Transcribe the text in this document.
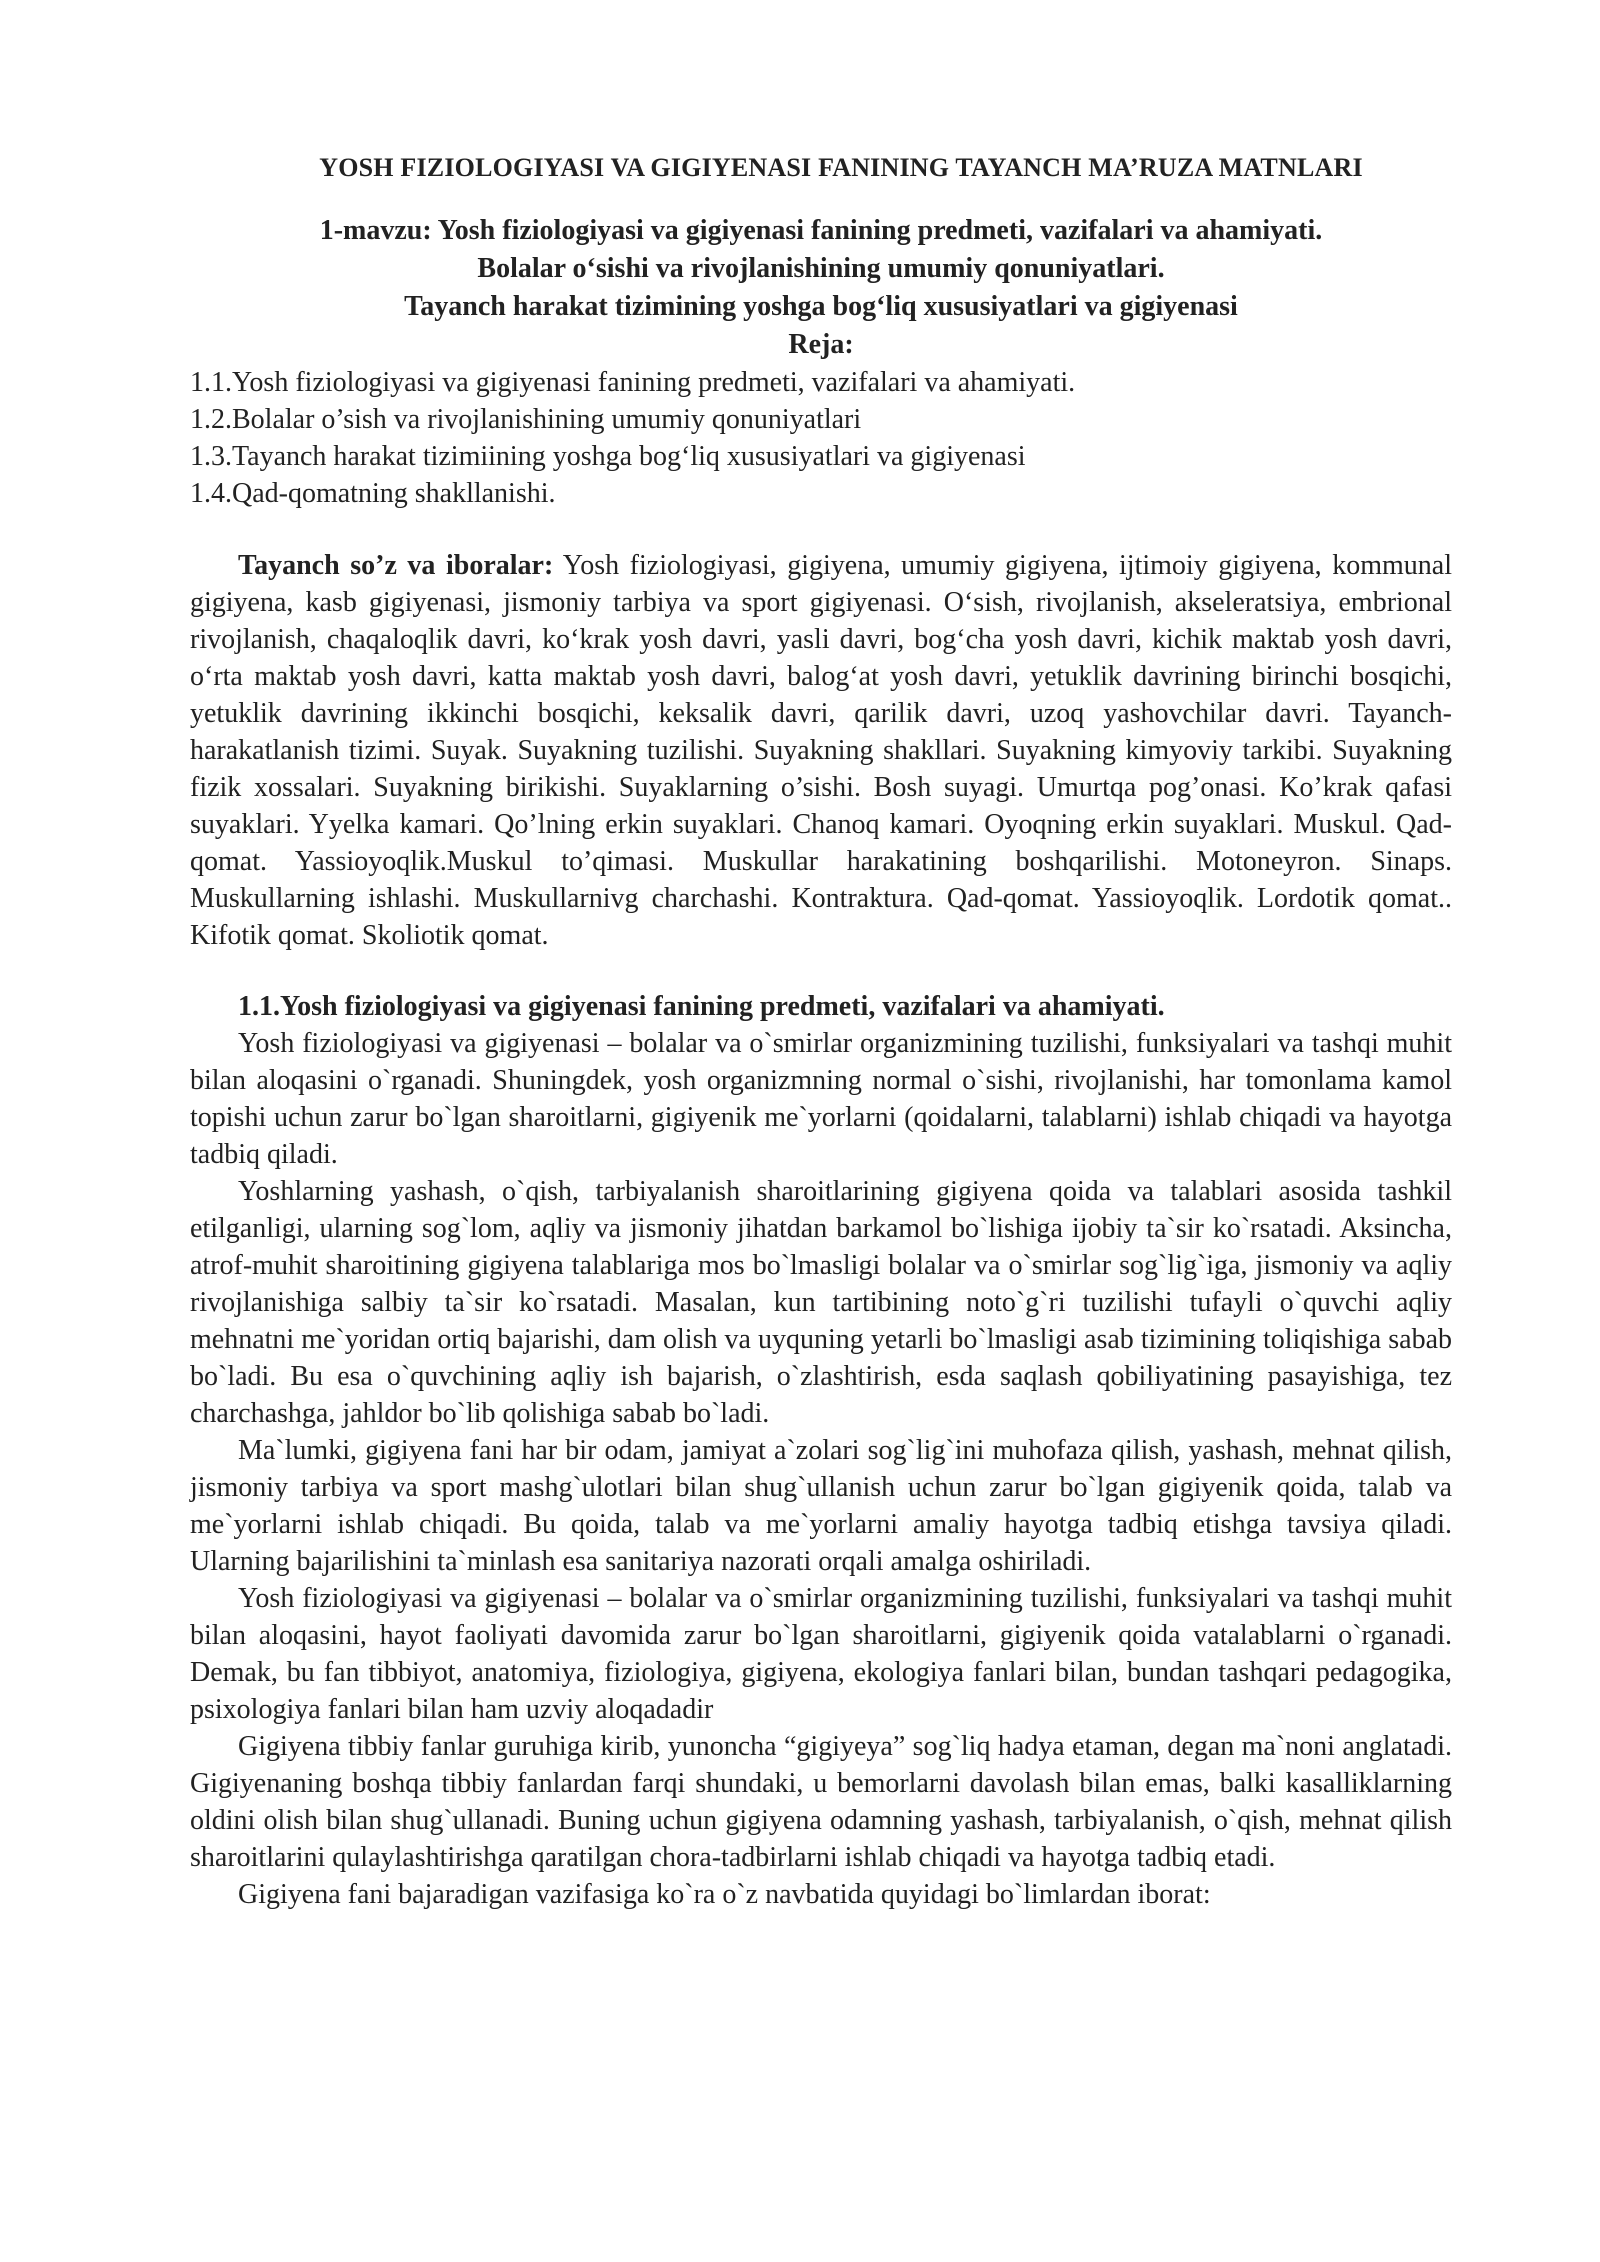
YOSH FIZIOLOGIYASI VA GIGIYENASI FANINING TAYANCH MA’RUZA MATNLARI
1-mavzu: Yosh fiziologiyasi va gigiyenasi fanining predmeti, vazifalari va ahamiyati.
Bolalar o‘sishi va rivojlanishining umumiy qonuniyatlari.
Tayanch harakat tizimining yoshga bog‘liq xususiyatlari va gigiyenasi
Reja:
1.1.Yosh fiziologiyasi va gigiyenasi fanining predmeti, vazifalari va ahamiyati.
1.2.Bolalar o’sish va rivojlanishining umumiy qonuniyatlari
1.3.Tayanch harakat tizimiining yoshga bog‘liq xususiyatlari va gigiyenasi
1.4.Qad-qomatning shakllanishi.

Tayanch so’z va iboralar: Yosh fiziologiyasi, gigiyena, umumiy gigiyena, ijtimoiy gigiyena, kommunal gigiyena, kasb gigiyenasi, jismoniy tarbiya va sport gigiyenasi. O‘sish, rivojlanish, akseleratsiya, embrional rivojlanish, chaqaloqlik davri, ko‘krak yosh davri, yasli davri, bog‘cha yosh davri, kichik maktab yosh davri, o‘rta maktab yosh davri, katta maktab yosh davri, balog‘at yosh davri, yetuklik davrining birinchi bosqichi, yetuklik davrining ikkinchi bosqichi, keksalik davri, qarilik davri, uzoq yashovchilar davri. Tayanch-harakatlanish tizimi. Suyak. Suyakning tuzilishi. Suyakning shakllari. Suyakning kimyoviy tarkibi. Suyakning fizik xossalari. Suyakning birikishi. Suyaklarning o’sishi. Bosh suyagi. Umurtqa pog’onasi. Ko’krak qafasi suyaklari. Yyelka kamari. Qo’lning erkin suyaklari. Chanoq kamari. Oyoqning erkin suyaklari. Muskul. Qad-qomat. Yassioyoqlik.Muskul to’qimasi. Muskullar harakatining boshqarilishi. Motoneyron. Sinaps. Muskullarning ishlashi. Muskullarnivg charchashi. Kontraktura. Qad-qomat. Yassioyoqlik. Lordotik qomat.. Kifotik qomat. Skoliotik qomat.

1.1.Yosh fiziologiyasi va gigiyenasi fanining predmeti, vazifalari va ahamiyati.

Yosh fiziologiyasi va gigiyenasi – bolalar va o`smirlar organizmining tuzilishi, funksiyalari va tashqi muhit bilan aloqasini o`rganadi. Shuningdek, yosh organizmning normal o`sishi, rivojlanishi, har tomonlama kamol topishi uchun zarur bo`lgan sharoitlarni, gigiyenik me`yorlarni (qoidalarni, talablarni) ishlab chiqadi va hayotga tadbiq qiladi.

Yoshlarning yashash, o`qish, tarbiyalanish sharoitlarining gigiyena qoida va talablari asosida tashkil etilganligi, ularning sog`lom, aqliy va jismoniy jihatdan barkamol bo`lishiga ijobiy ta`sir ko`rsatadi. Aksincha, atrof-muhit sharoitining gigiyena talablariga mos bo`lmasligi bolalar va o`smirlar sog`lig`iga, jismoniy va aqliy rivojlanishiga salbiy ta`sir ko`rsatadi. Masalan, kun tartibining noto`g`ri tuzilishi tufayli o`quvchi aqliy mehnatni me`yoridan ortiq bajarishi, dam olish va uyquning yetarli bo`lmasligi asab tizimining toliqishiga sabab bo`ladi. Bu esa o`quvchining aqliy ish bajarish, o`zlashtirish, esda saqlash qobiliyatining pasayishiga, tez charchashga, jahldor bo`lib qolishiga sabab bo`ladi.

Ma`lumki, gigiyena fani har bir odam, jamiyat a`zolari sog`lig`ini muhofaza qilish, yashash, mehnat qilish, jismoniy tarbiya va sport mashg`ulotlari bilan shug`ullanish uchun zarur bo`lgan gigiyenik qoida, talab va me`yorlarni ishlab chiqadi. Bu qoida, talab va me`yorlarni amaliy hayotga tadbiq etishga tavsiya qiladi. Ularning bajarilishini ta`minlash esa sanitariya nazorati orqali amalga oshiriladi.

Yosh fiziologiyasi va gigiyenasi – bolalar va o`smirlar organizmining tuzilishi, funksiyalari va tashqi muhit bilan aloqasini, hayot faoliyati davomida zarur bo`lgan sharoitlarni, gigiyenik qoida vatalablarni o`rganadi. Demak, bu fan tibbiyot, anatomiya, fiziologiya, gigiyena, ekologiya fanlari bilan, bundan tashqari pedagogika, psixologiya fanlari bilan ham uzviy aloqadadir

Gigiyena tibbiy fanlar guruhiga kirib, yunoncha “gigiyeya” sog`liq hadya etaman, degan ma`noni anglatadi. Gigiyenaning boshqa tibbiy fanlardan farqi shundaki, u bemorlarni davolash bilan emas, balki kasalliklarning oldini olish bilan shug`ullanadi. Buning uchun gigiyena odamning yashash, tarbiyalanish, o`qish, mehnat qilish sharoitlarini qulaylashtirishga qaratilgan chora-tadbirlarni ishlab chiqadi va hayotga tadbiq etadi.

Gigiyena fani bajaradigan vazifasiga ko`ra o`z navbatida quyidagi bo`limlardan iborat:
